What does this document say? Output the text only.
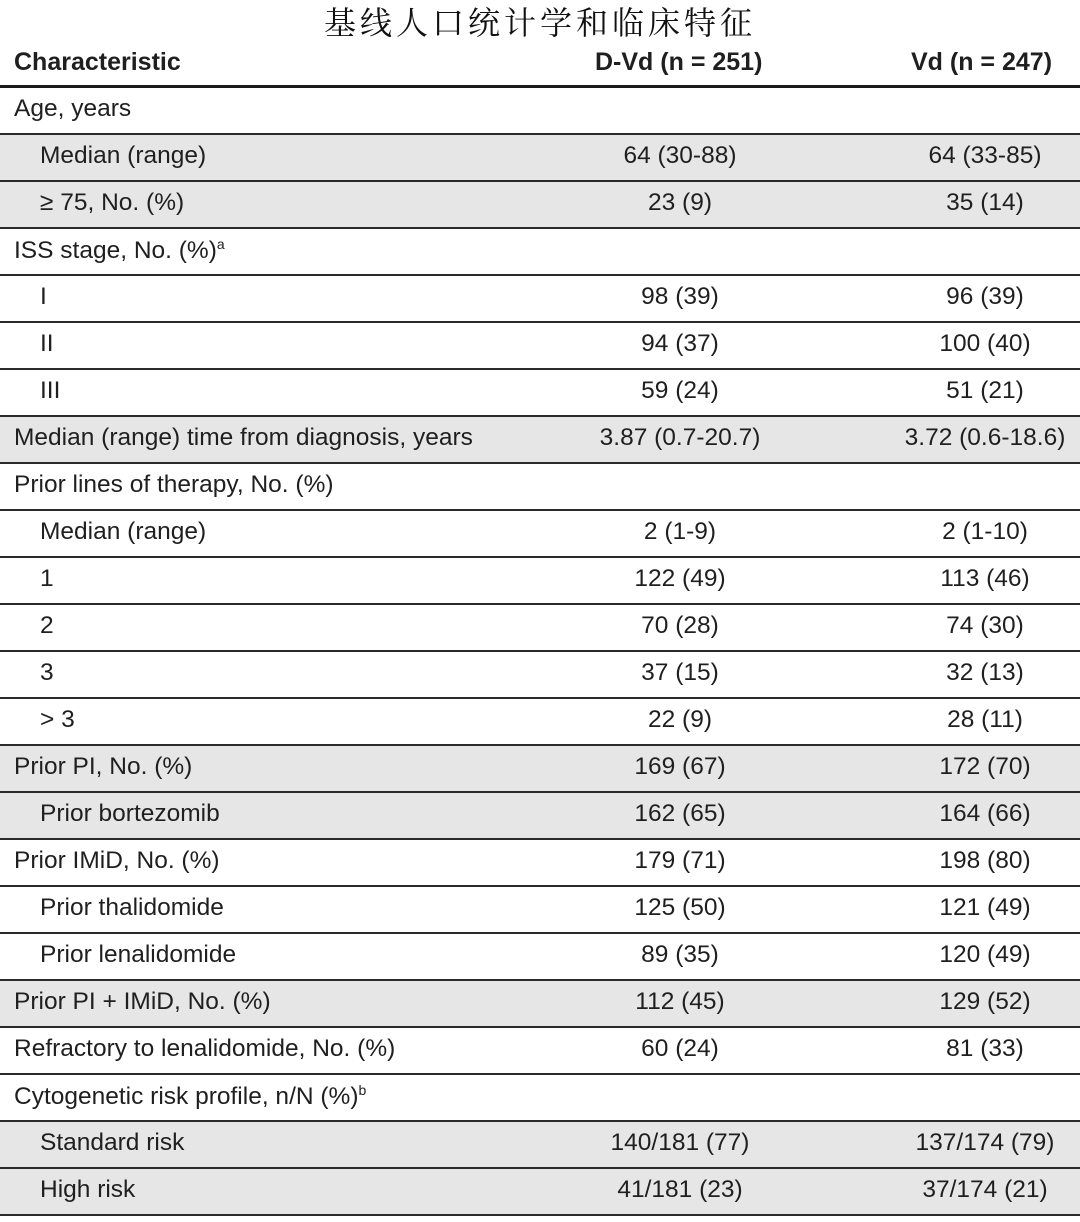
基线人口统计学和临床特征
Characteristic	D-Vd (n = 251)	Vd (n = 247)
Age, years
Median (range)	64 (30-88)	64 (33-85)
≥ 75, No. (%)	23 (9)	35 (14)
ISS stage, No. (%)$^a$
I	98 (39)	96 (39)
II	94 (37)	100 (40)
III	59 (24)	51 (21)
Median (range) time from diagnosis, years	3.87 (0.7-20.7)	3.72 (0.6-18.6)
Prior lines of therapy, No. (%)
Median (range)	2 (1-9)	2 (1-10)
1	122 (49)	113 (46)
2	70 (28)	74 (30)
3	37 (15)	32 (13)
> 3	22 (9)	28 (11)
Prior PI, No. (%)	169 (67)	172 (70)
Prior bortezomib	162 (65)	164 (66)
Prior IMiD, No. (%)	179 (71)	198 (80)
Prior thalidomide	125 (50)	121 (49)
Prior lenalidomide	89 (35)	120 (49)
Prior PI + IMiD, No. (%)	112 (45)	129 (52)
Refractory to lenalidomide, No. (%)	60 (24)	81 (33)
Cytogenetic risk profile, n/N (%)$^b$
Standard risk	140/181 (77)	137/174 (79)
High risk	41/181 (23)	37/174 (21)
